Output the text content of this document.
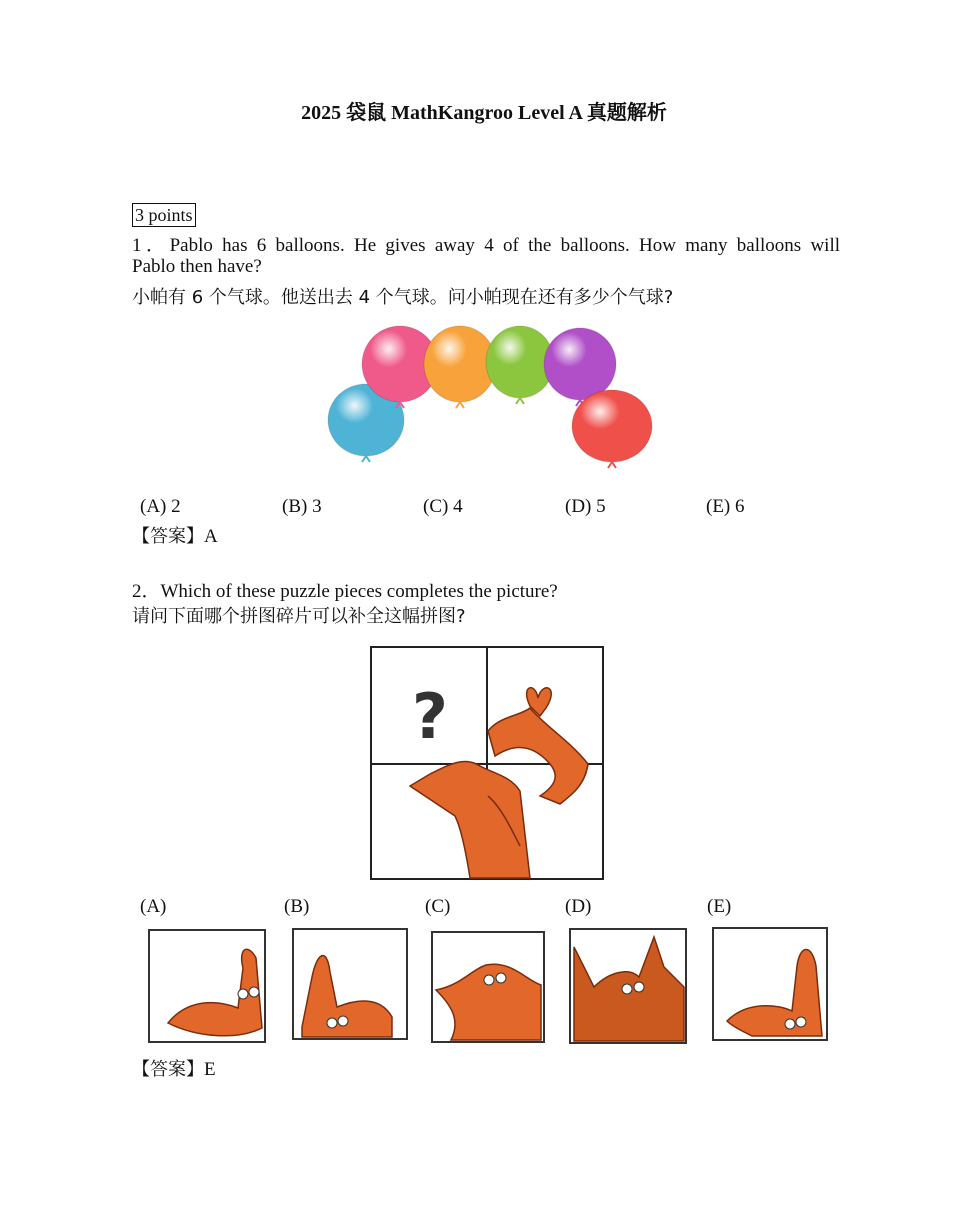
2025 袋鼠 MathKangroo Level A 真题解析
3 points
1．Pablo has 6 balloons. He gives away 4 of the balloons. How many balloons will
Pablo then have?
小帕有 6 个气球。他送出去 4 个气球。问小帕现在还有多少个气球?
(A) 2	(B) 3	(C) 4	(D) 5	(E) 6
【答案】A
2．Which of these puzzle pieces completes the picture?
请问下面哪个拼图碎片可以补全这幅拼图?
?
(A)	(B)	(C)	(D)	(E)
【答案】E
